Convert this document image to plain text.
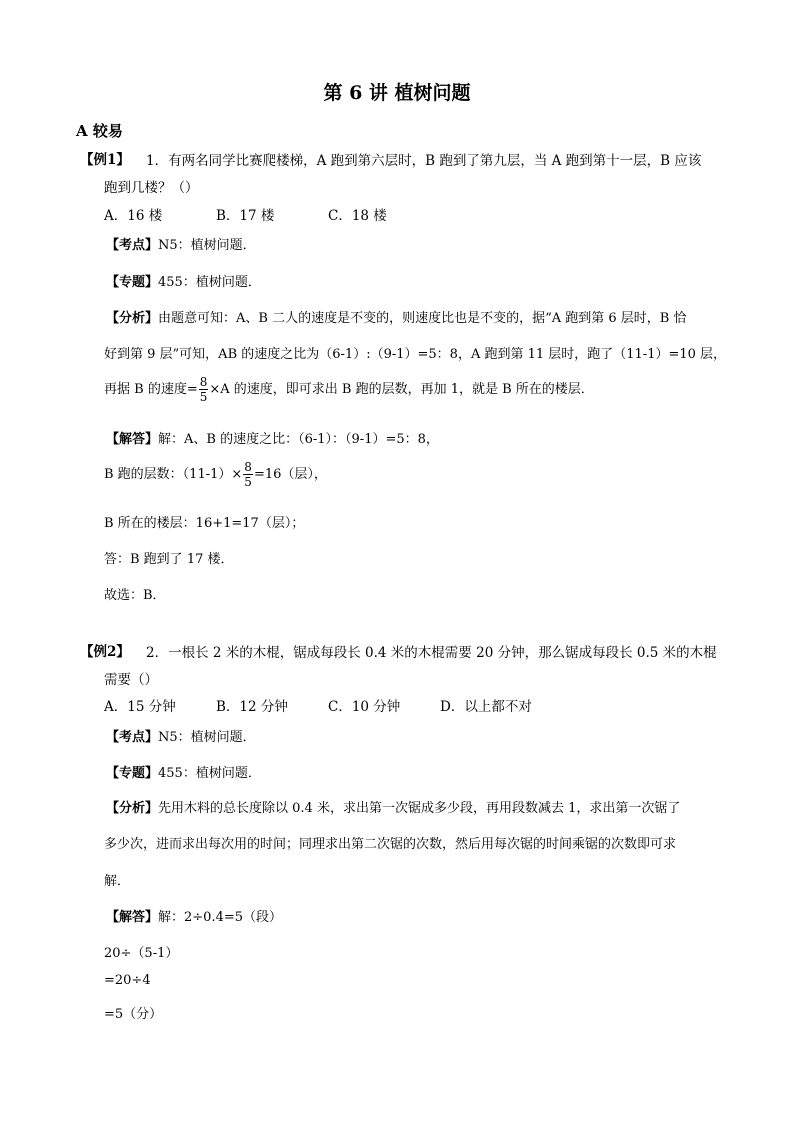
第 6 讲 植树问题
A 较易
【例1】 1．有两名同学比赛爬楼梯，A 跑到第六层时，B 跑到了第九层，当 A 跑到第十一层，B 应该
跑到几楼？（）
A．16 楼	B．17 楼	C．18 楼
【考点】N5：植树问题．
【专题】455：植树问题．
【分析】由题意可知：A、B 二人的速度是不变的，则速度比也是不变的，据“A 跑到第 6 层时，B 恰
好到第 9 层”可知，AB 的速度之比为（6-1）:（9-1）=5：8，A 跑到第 11 层时，跑了（11-1）=10 层，
再据 B 的速度= $\frac{8}{5} \times A$ 的速度，即可求出 B 跑的层数，再加 1，就是 B 所在的楼层．
【解答】解：A、B 的速度之比：（6-1）：（9-1）=5：8，
B 跑的层数：$(11-1)\times \frac{8}{5} =16$（层），
B 所在的楼层：16+1=17（层）；
答：B 跑到了 17 楼．
故选：B．
【例2】 2．一根长 2 米的木棍，锯成每段长 0.4 米的木棍需要 20 分钟，那么锯成每段长 0.5 米的木棍
需要（）
A．15 分钟	B．12 分钟	C．10 分钟	D．以上都不对
【考点】N5：植树问题．
【专题】455：植树问题．
【分析】先用木料的总长度除以 0.4 米，求出第一次锯成多少段，再用段数减去 1，求出第一次锯了
多少次，进而求出每次用的时间；同理求出第二次锯的次数，然后用每次锯的时间乘锯的次数即可求
解．
【解答】解：2÷0.4=5（段）
20÷（5-1）
=20÷4
=5（分）
